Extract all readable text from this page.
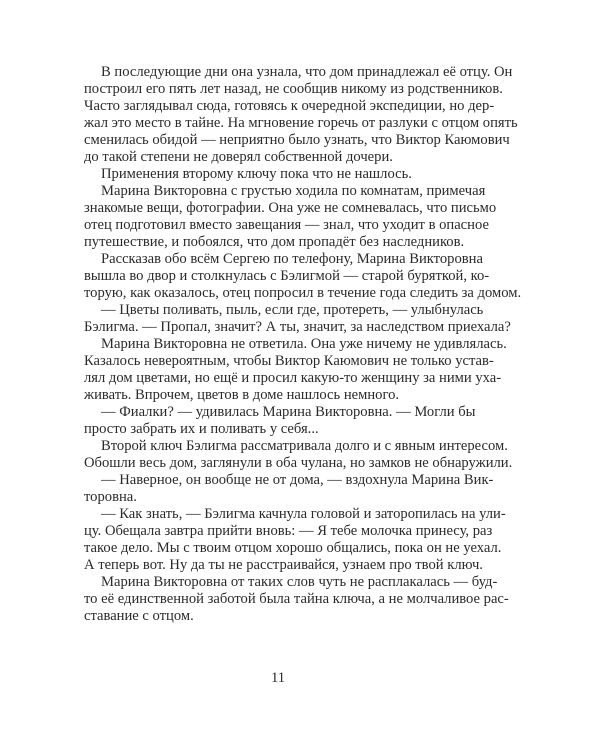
В последующие дни она узнала, что дом принадлежал её отцу. Он
построил его пять лет назад, не сообщив никому из родственников.
Часто заглядывал сюда, готовясь к очередной экспедиции, но дер-
жал это место в тайне. На мгновение горечь от разлуки с отцом опять
сменилась обидой — неприятно было узнать, что Виктор Каюмович
до такой степени не доверял собственной дочери.
Применения второму ключу пока что не нашлось.
Марина Викторовна с грустью ходила по комнатам, примечая
знакомые вещи, фотографии. Она уже не сомневалась, что письмо
отец подготовил вместо завещания — знал, что уходит в опасное
путешествие, и побоялся, что дом пропадёт без наследников.
Рассказав обо всём Сергею по телефону, Марина Викторовна
вышла во двор и столкнулась с Бэлигмой — старой буряткой, ко-
торую, как оказалось, отец попросил в течение года следить за домом.
— Цветы поливать, пыль, если где, протереть, — улыбнулась
Бэлигма. — Пропал, значит? А ты, значит, за наследством приехала?
Марина Викторовна не ответила. Она уже ничему не удивлялась.
Казалось невероятным, чтобы Виктор Каюмович не только устав-
лял дом цветами, но ещё и просил какую-то женщину за ними уха-
живать. Впрочем, цветов в доме нашлось немного.
— Фиалки? — удивилась Марина Викторовна. — Могли бы
просто забрать их и поливать у себя...
Второй ключ Бэлигма рассматривала долго и с явным интересом.
Обошли весь дом, заглянули в оба чулана, но замков не обнаружили.
— Наверное, он вообще не от дома, — вздохнула Марина Вик-
торовна.
— Как знать, — Бэлигма качнула головой и заторопилась на ули-
цу. Обещала завтра прийти вновь: — Я тебе молочка принесу, раз
такое дело. Мы с твоим отцом хорошо общались, пока он не уехал.
А теперь вот. Ну да ты не расстраивайся, узнаем про твой ключ.
Марина Викторовна от таких слов чуть не расплакалась — буд-
то её единственной заботой была тайна ключа, а не молчаливое рас-
ставание с отцом.
11
